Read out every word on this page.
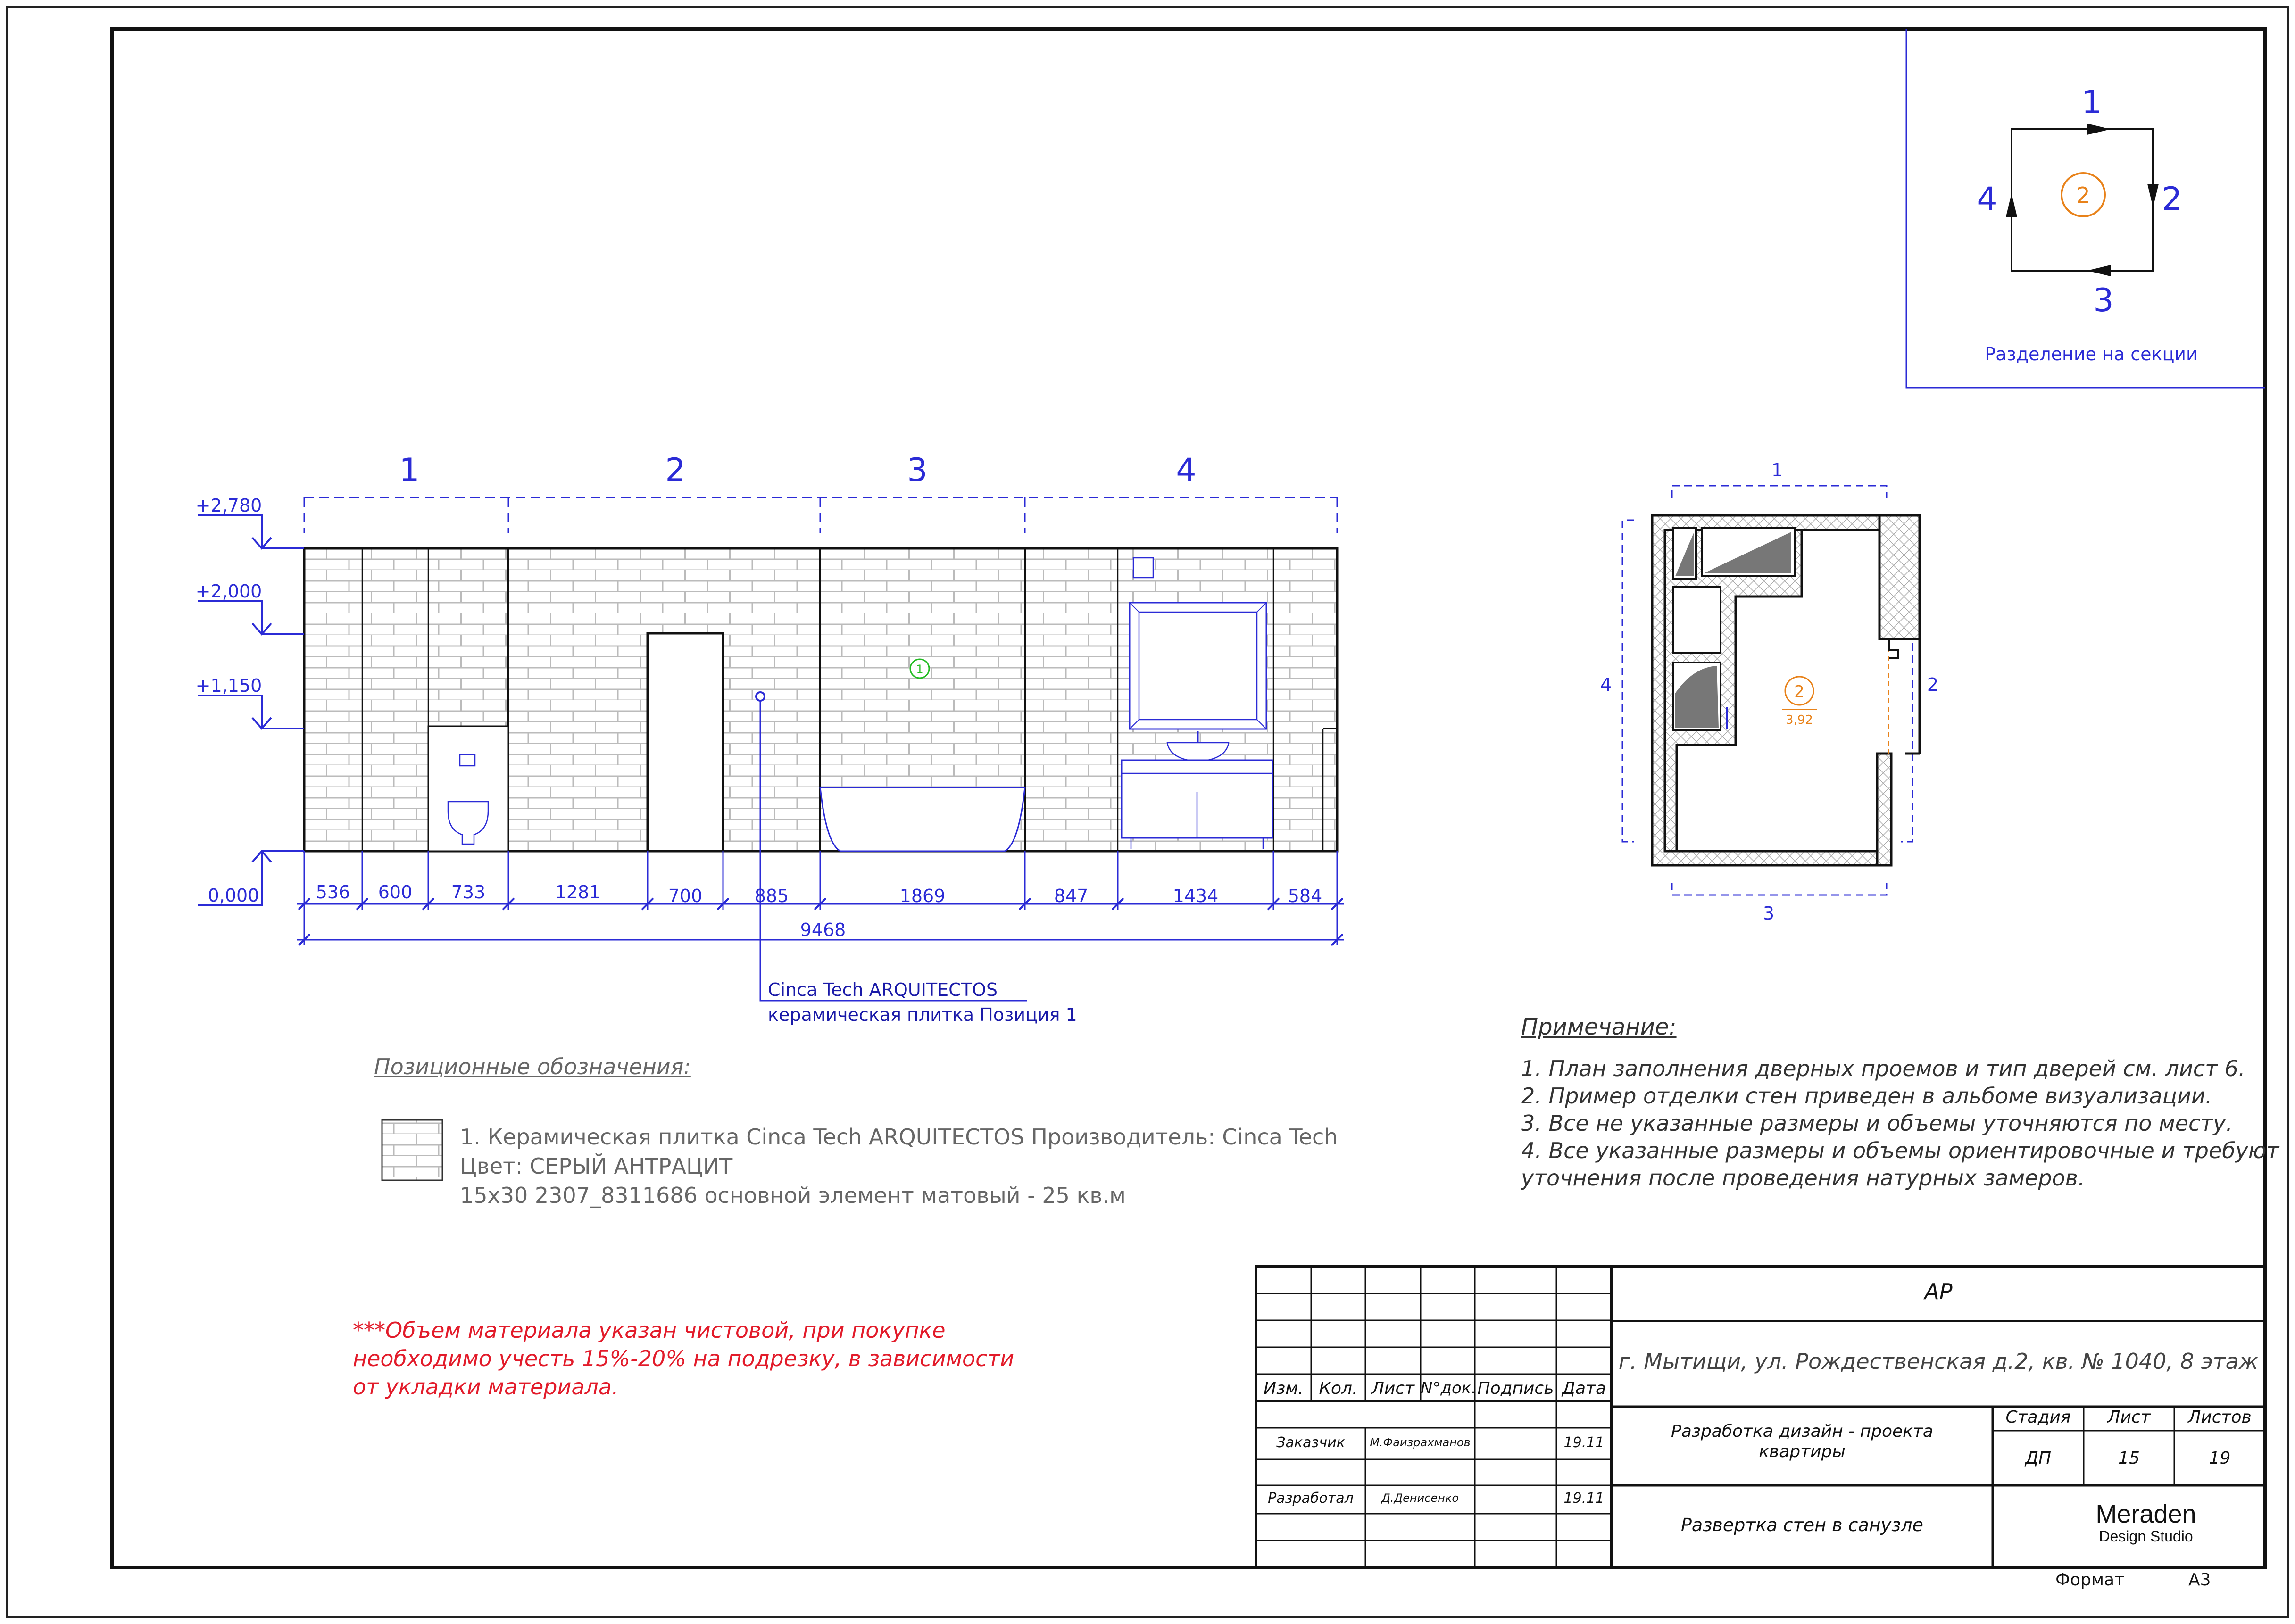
2
1
2
3
4
Разделение на секции
1	2	3	4
1
+2,780
+2,000
+1,150
0,000	536 600 733	1281	700	885	1869	847	1434	584
9468
Cinca Tech ARQUITECTOS
керамическая плитка Позиция 1
1
2
3
4	2
3,92
Позиционные обозначения:
1. Керамическая плитка Cinca Tech ARQUITECTOS Производитель: Cinca Tech
Цвет: СЕРЫЙ АНТРАЦИТ
15х30 2307_8311686 основной элемент матовый - 25 кв.м
Примечание:
1. План заполнения дверных проемов и тип дверей см. лист 6.
2. Пример отделки стен приведен в альбоме визуализации.
3. Все не указанные размеры и объемы уточняются по месту.
4. Все указанные размеры и объемы ориентировочные и требуют
уточнения после проведения натурных замеров.
***Объем материала указан чистовой, при покупке
необходимо учесть 15%-20% на подрезку, в зависимости
от укладки материала.
АР
г. Мытищи, ул. Рождественская д.2, кв. № 1040, 8 этаж
Изм. Кол. Лист N°док. Подпись Дата
Заказчик	М.Фаизрахманов	19.11
Разработал	Д.Денисенко	19.11
Разработка дизайн - проекта
квартиры
Стадия	Лист	Листов
ДП	15	19
Развертка стен в санузле	Meraden
Design Studio
Формат	А3
